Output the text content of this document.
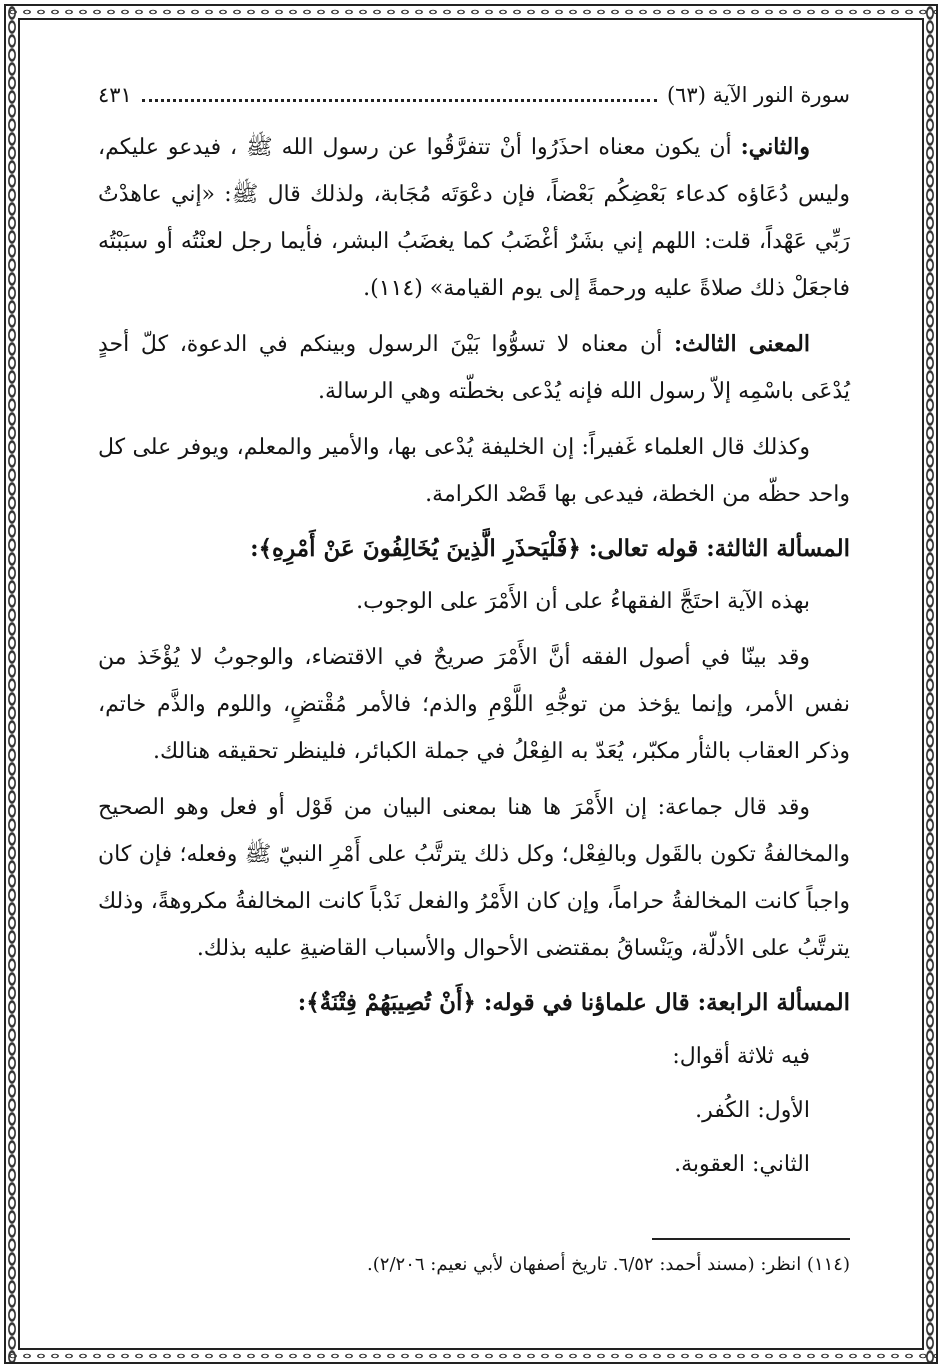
سورة النور الآية (٦٣)
٤٣١

والثاني: أن يكون معناه احذَرُوا أنْ تتفرَّقُوا عن رسول الله ﷺ ، فيدعو عليكم، وليس دُعَاؤه كدعاء بَعْضِكُم بَعْضاً، فإن دعْوَتَه مُجَابة، ولذلك قال ﷺ: «إني عاهدْتُ رَبِّي عَهْداً، قلت: اللهم إني بشَرٌ أغْضَبُ كما يغضَبُ البشر، فأيما رجل لعنْتُه أو سبَبْتُه فاجعَلْ ذلك صلاةً عليه ورحمةً إلى يوم القيامة» (١١٤).

المعنى الثالث: أن معناه لا تسوُّوا بَيْنَ الرسول وبينكم في الدعوة، كلّ أحدٍ يُدْعَى باسْمِه إلاّ رسول الله فإنه يُدْعى بخطّته وهي الرسالة.

وكذلك قال العلماء غَفيراً: إن الخليفة يُدْعى بها، والأمير والمعلم، ويوفر على كل واحد حظّه من الخطة، فيدعى بها قَصْد الكرامة.

المسألة الثالثة: قوله تعالى: ﴿فَلْيَحذَرِ الَّذِينَ يُخَالِفُونَ عَنْ أَمْرِهِ﴾:

بهذه الآية احتَجَّ الفقهاءُ على أن الأَمْرَ على الوجوب.

وقد بينّا في أصول الفقه أنَّ الأَمْرَ صريحٌ في الاقتضاء، والوجوبُ لا يُؤْخَذ من نفس الأمر، وإنما يؤخذ من توجُّهِ اللَّوْمِ والذم؛ فالأمر مُقْتضٍ، واللوم والذَّم خاتم، وذكر العقاب بالثأر مكبّر، يُعَدّ به الفِعْلُ في جملة الكبائر، فلينظر تحقيقه هنالك.

وقد قال جماعة: إن الأَمْرَ ها هنا بمعنى البيان من قَوْل أو فعل وهو الصحيح والمخالفةُ تكون بالقَول وبالفِعْل؛ وكل ذلك يترتَّبُ على أَمْرِ النبيّ ﷺ وفعله؛ فإن كان واجباً كانت المخالفةُ حراماً، وإن كان الأَمْرُ والفعل نَدْباً كانت المخالفةُ مكروهةً، وذلك يترتَّبُ على الأدلّة، ويَنْساقُ بمقتضى الأحوال والأسباب القاضيةِ عليه بذلك.

المسألة الرابعة: قال علماؤنا في قوله: ﴿أَنْ تُصِيبَهُمْ فِتْنَةٌ﴾:

فيه ثلاثة أقوال:

الأول: الكُفر.

الثاني: العقوبة.

(١١٤) انظر: (مسند أحمد: ٦/٥٢. تاريخ أصفهان لأبي نعيم: ٢/٢٠٦).
